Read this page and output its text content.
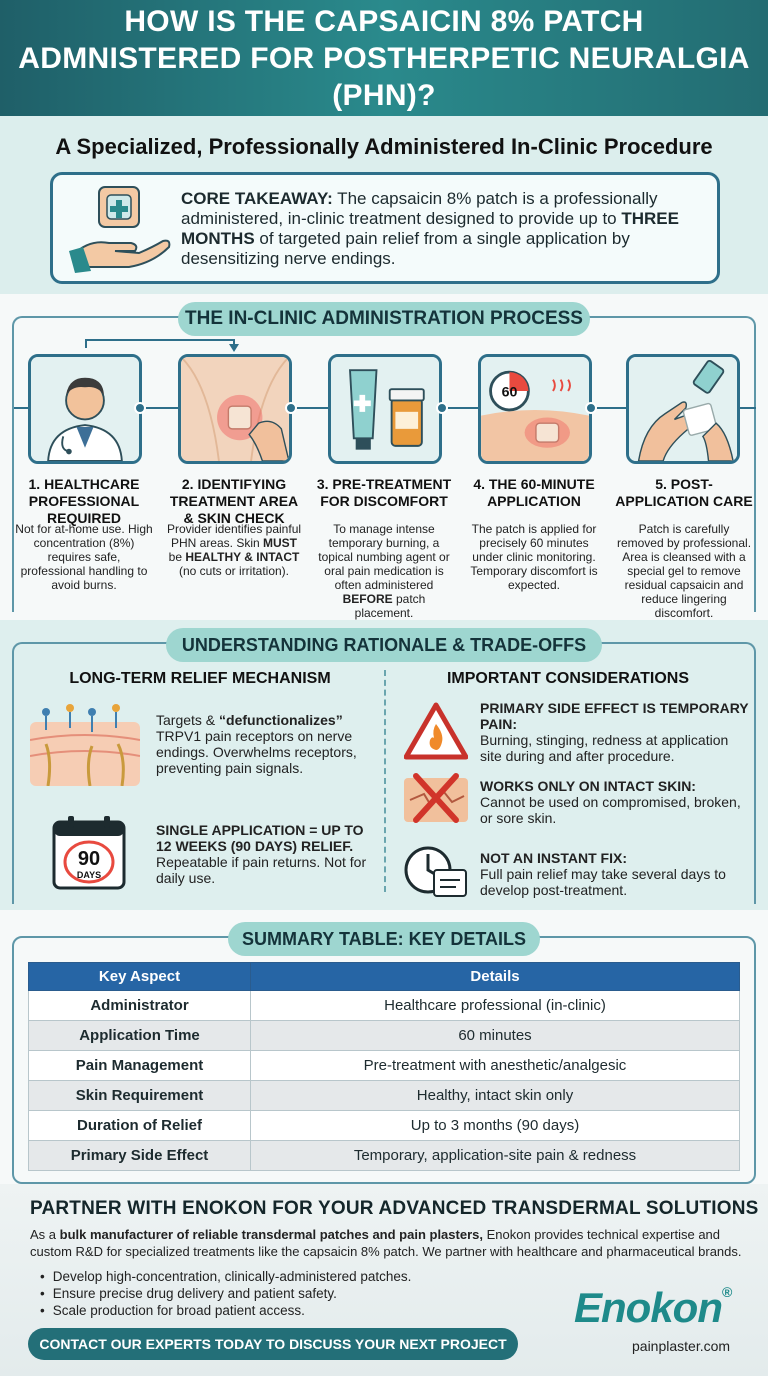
HOW IS THE CAPSAICIN 8% PATCH ADMNISTERED FOR POSTHERPETIC NEURALGIA (PHN)?
A Specialized, Professionally Administered In-Clinic Procedure

CORE TAKEAWAY: The capsaicin 8% patch is a professionally administered, in-clinic treatment designed to provide up to THREE MONTHS of targeted pain relief from a single application by desensitizing nerve endings.

THE IN-CLINIC ADMINISTRATION PROCESS
60
1. HEALTHCARE PROFESSIONAL REQUIRED
Not for at-home use. High concentration (8%) requires safe, professional handling to avoid burns.
2. IDENTIFYING TREATMENT AREA & SKIN CHECK
Provider identifies painful PHN areas. Skin MUST be HEALTHY & INTACT (no cuts or irritation).
3. PRE-TREATMENT FOR DISCOMFORT
To manage intense temporary burning, a topical numbing agent or oral pain medication is often administered BEFORE patch placement.
4. THE 60-MINUTE APPLICATION
The patch is applied for precisely 60 minutes under clinic monitoring. Temporary discomfort is expected.
5. POST-APPLICATION CARE
Patch is carefully removed by professional. Area is cleansed with a special gel to remove residual capsaicin and reduce lingering discomfort.
UNDERSTANDING RATIONALE & TRADE-OFFS
LONG-TERM RELIEF MECHANISM

Targets & “defunctionalizes” TRPV1 pain receptors on nerve endings. Overwhelms receptors, preventing pain signals.

90
DAYS

SINGLE APPLICATION = UP TO 12 WEEKS (90 DAYS) RELIEF. Repeatable if pain returns. Not for daily use.

IMPORTANT CONSIDERATIONS

PRIMARY SIDE EFFECT IS TEMPORARY PAIN:
Burning, stinging, redness at application site during and after procedure.

WORKS ONLY ON INTACT SKIN:
Cannot be used on compromised, broken, or sore skin.

NOT AN INSTANT FIX:
Full pain relief may take several days to develop post-treatment.

SUMMARY TABLE: KEY DETAILS
Key Aspect	Details
Administrator	Healthcare professional (in-clinic)
Application Time	60 minutes
Pain Management	Pre-treatment with anesthetic/analgesic
Skin Requirement	Healthy, intact skin only
Duration of Relief	Up to 3 months (90 days)
Primary Side Effect	Temporary, application-site pain & redness
PARTNER WITH ENOKON FOR YOUR ADVANCED TRANSDERMAL SOLUTIONS

As a bulk manufacturer of reliable transdermal patches and pain plasters, Enokon provides technical expertise and custom R&D for specialized treatments like the capsaicin 8% patch. We partner with healthcare and pharmaceutical brands.

• Develop high-concentration, clinically-administered patches.
• Ensure precise drug delivery and patient safety.
• Scale production for broad patient access.
CONTACT OUR EXPERTS TODAY TO DISCUSS YOUR NEXT PROJECT
Enokon®
painplaster.com
